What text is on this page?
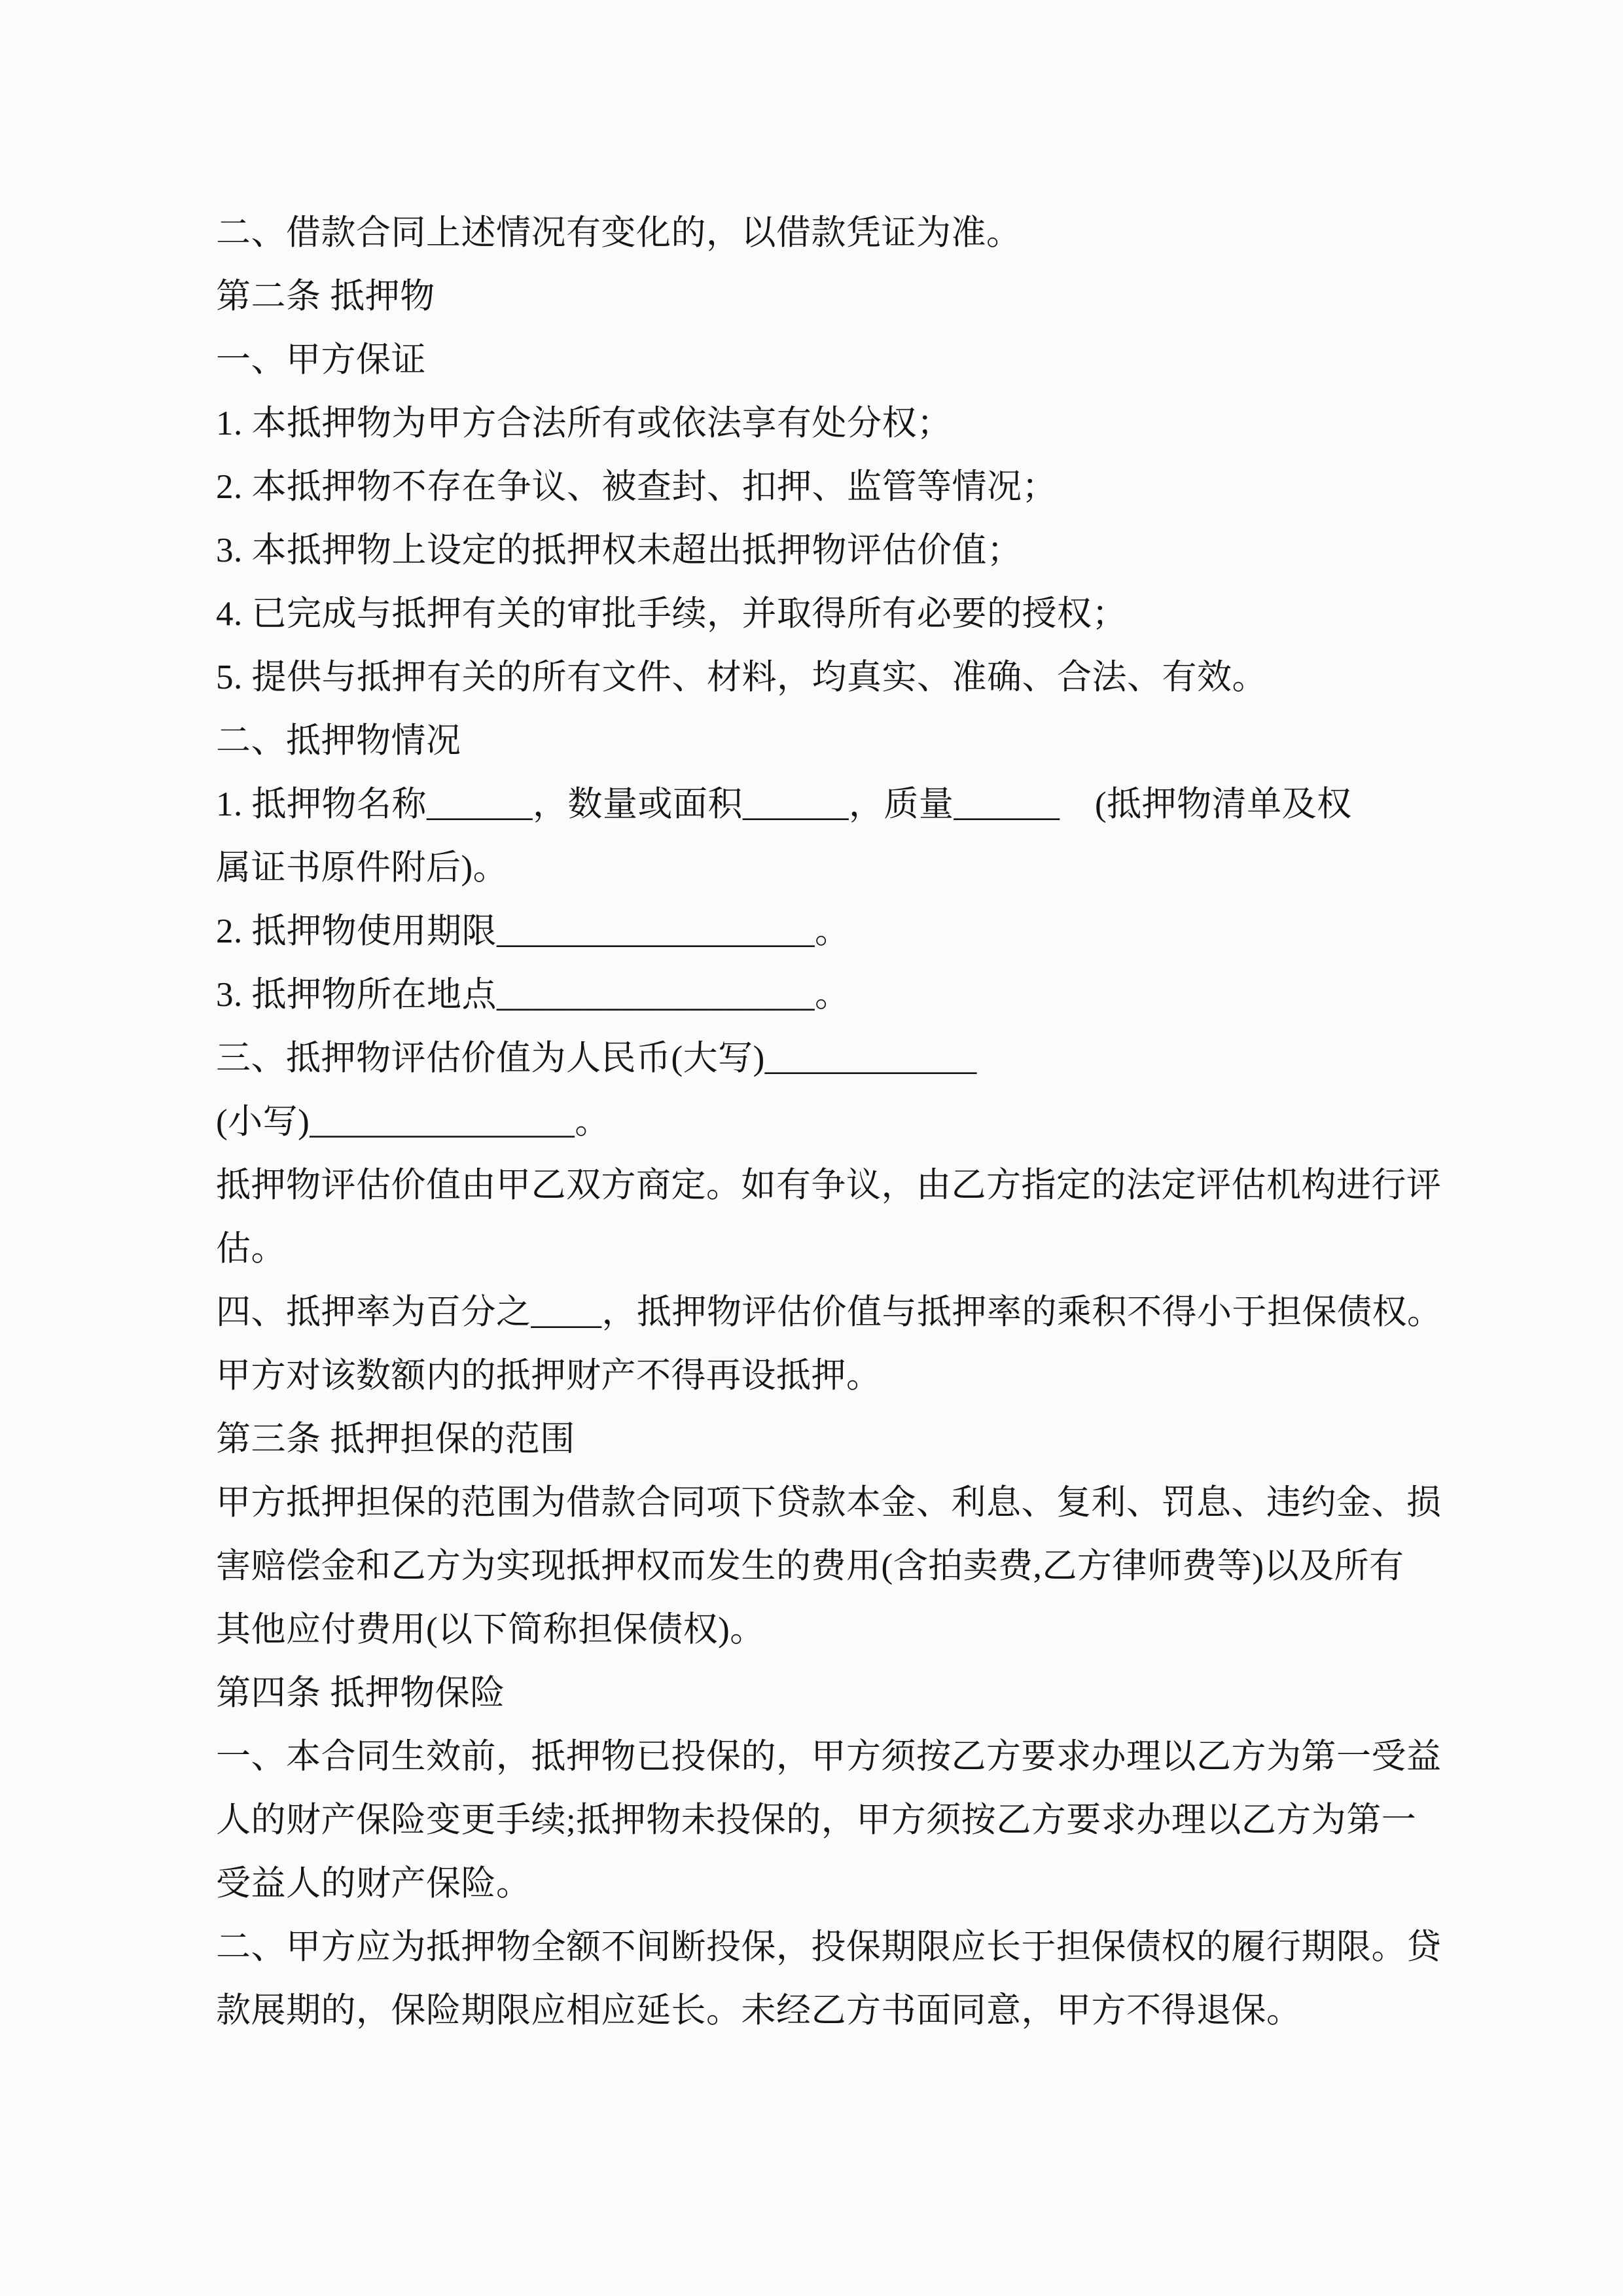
二、借款合同上述情况有变化的，以借款凭证为准。
第二条 抵押物
一、甲方保证
1. 本抵押物为甲方合法所有或依法享有处分权；
2. 本抵押物不存在争议、被查封、扣押、监管等情况；
3. 本抵押物上设定的抵押权未超出抵押物评估价值；
4. 已完成与抵押有关的审批手续，并取得所有必要的授权；
5. 提供与抵押有关的所有文件、材料，均真实、准确、合法、有效。
二、抵押物情况
1. 抵押物名称______，数量或面积______，质量______　(抵押物清单及权
属证书原件附后)。
2. 抵押物使用期限__________________。
3. 抵押物所在地点__________________。
三、抵押物评估价值为人民币(大写)____________
(小写)_______________。
抵押物评估价值由甲乙双方商定。如有争议，由乙方指定的法定评估机构进行评
估。
四、抵押率为百分之____，抵押物评估价值与抵押率的乘积不得小于担保债权。
甲方对该数额内的抵押财产不得再设抵押。
第三条 抵押担保的范围
甲方抵押担保的范围为借款合同项下贷款本金、利息、复利、罚息、违约金、损
害赔偿金和乙方为实现抵押权而发生的费用(含拍卖费,乙方律师费等)以及所有
其他应付费用(以下简称担保债权)。
第四条 抵押物保险
一、本合同生效前，抵押物已投保的，甲方须按乙方要求办理以乙方为第一受益
人的财产保险变更手续;抵押物未投保的，甲方须按乙方要求办理以乙方为第一
受益人的财产保险。
二、甲方应为抵押物全额不间断投保，投保期限应长于担保债权的履行期限。贷
款展期的，保险期限应相应延长。未经乙方书面同意，甲方不得退保。
